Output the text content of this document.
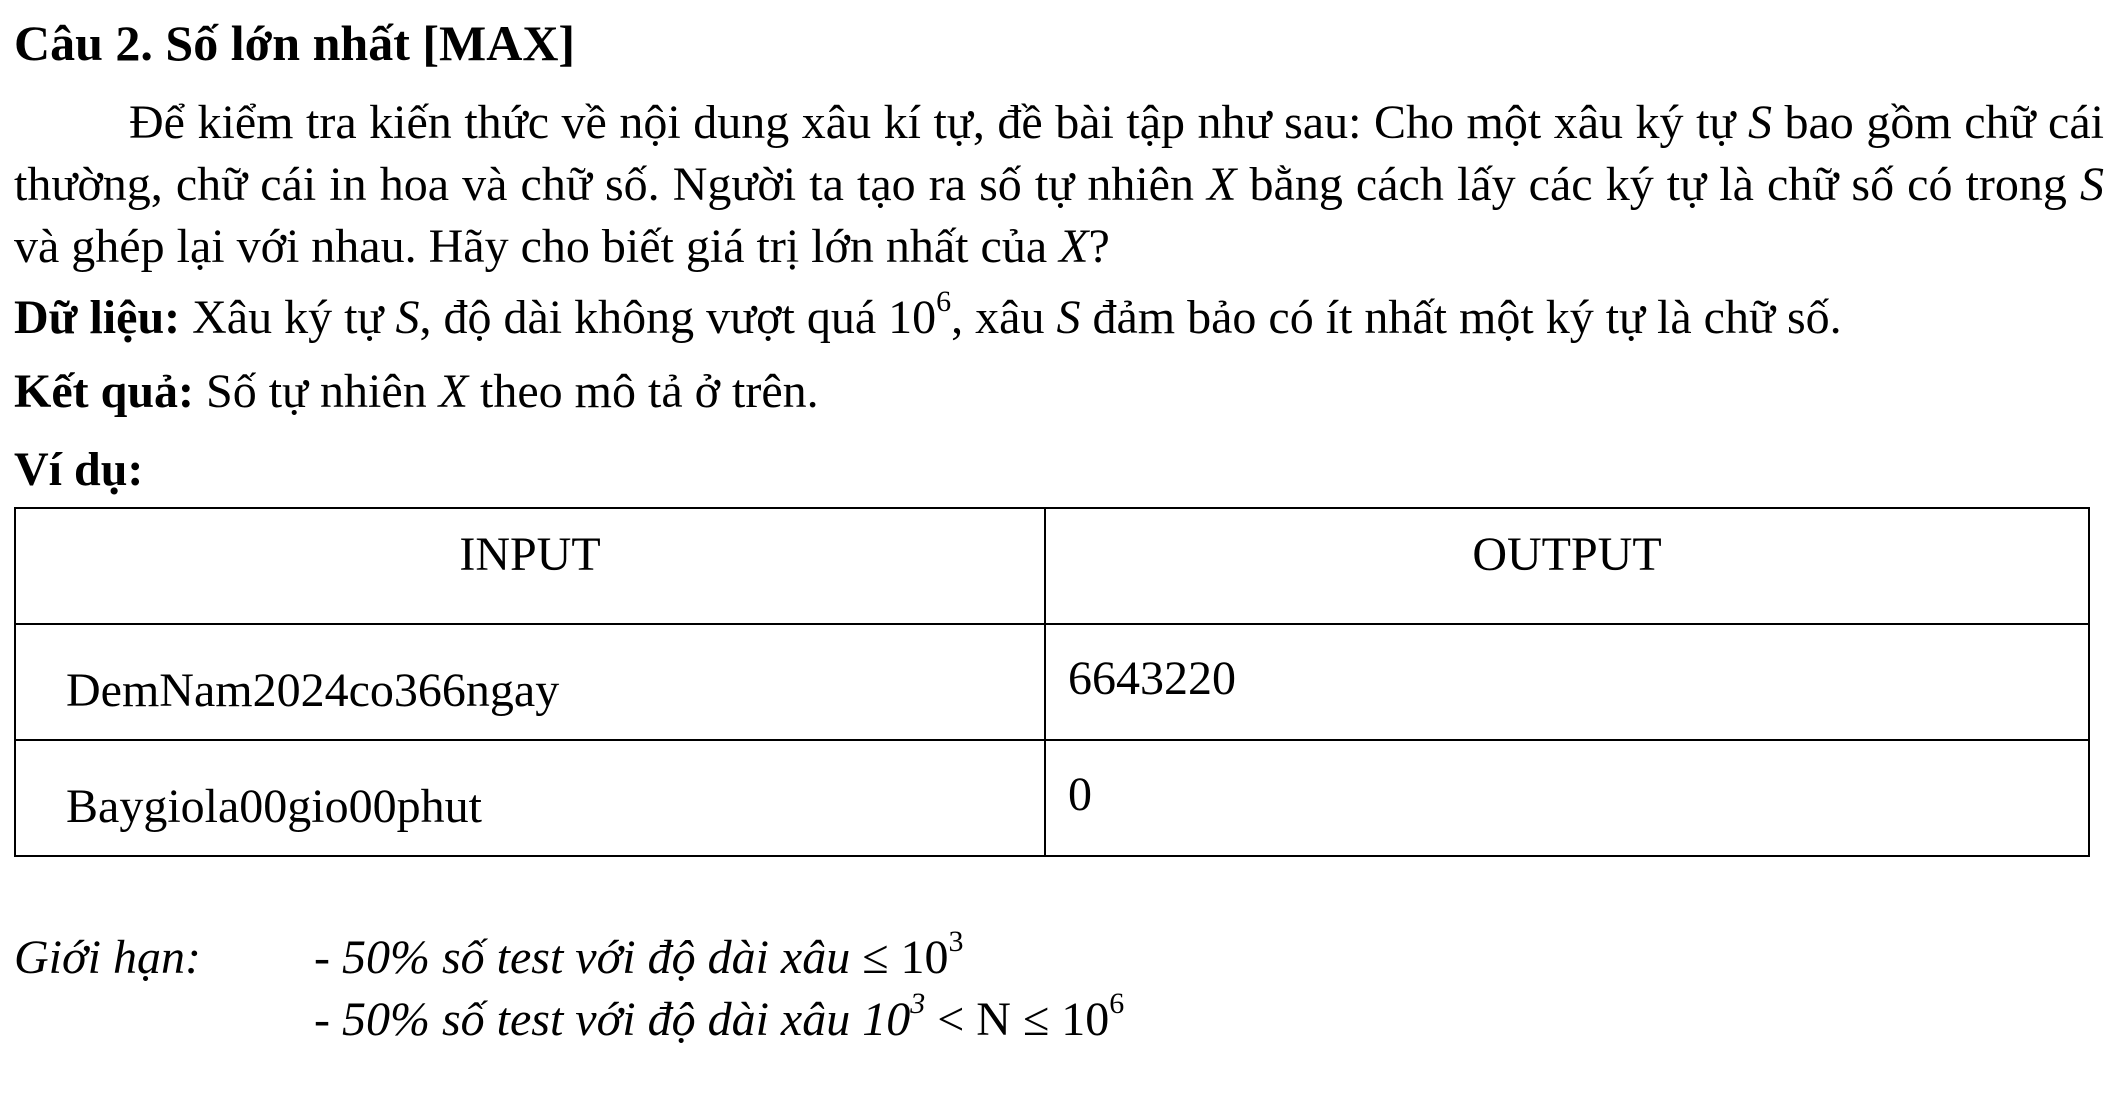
Câu 2. Số lớn nhất [MAX]
Để kiểm tra kiến thức về nội dung xâu kí tự, đề bài tập như sau: Cho một xâu ký tự S bao gồm chữ cái thường, chữ cái in hoa và chữ số. Người ta tạo ra số tự nhiên X bằng cách lấy các ký tự là chữ số có trong S và ghép lại với nhau. Hãy cho biết giá trị lớn nhất của X?
Dữ liệu: Xâu ký tự S, độ dài không vượt quá $10^6$, xâu S đảm bảo có ít nhất một ký tự là chữ số.
Kết quả: Số tự nhiên X theo mô tả ở trên.
Ví dụ:
INPUT	OUTPUT
DemNam2024co366ngay	6643220
Baygiola00gio00phut	0
Giới hạn: - 50% số test với độ dài xâu ≤ $10^3$
- 50% số test với độ dài xâu $10^3 < N \le 10^6$
